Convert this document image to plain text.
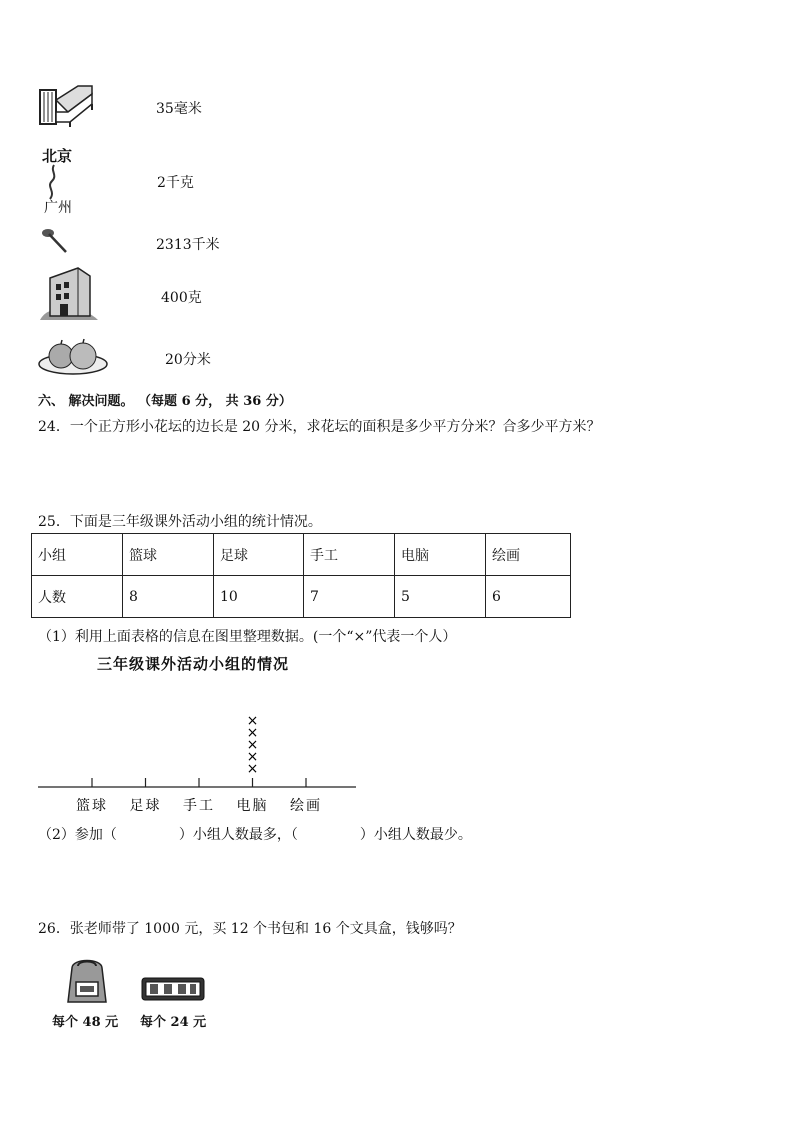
35毫米
北京
广州
2千克
2313千米
400克
20分米
六、 解决问题。 （每题 6 分， 共 36 分）
24．一个正方形小花坛的边长是 20 分米，求花坛的面积是多少平方分米？合多少平方米？
25．下面是三年级课外活动小组的统计情况。
小组	篮球	足球	手工	电脑	绘画
人数	8	10	7	5	6
（1）利用上面表格的信息在图里整理数据。(一个“×”代表一个人）
三年级课外活动小组的情况
篮球 足球 手工 电脑
×
×
×
×
×
绘画
（2）参加（	）小组人数最多，（	）小组人数最少。
26．张老师带了 1000 元，买 12 个书包和 16 个文具盒，钱够吗？
每个 48 元 每个 24 元
